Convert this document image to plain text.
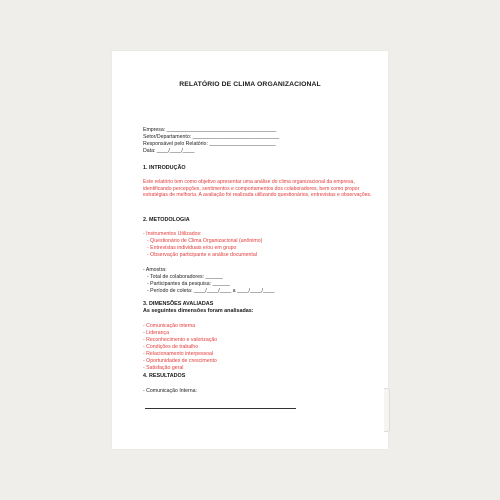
RELATÓRIO DE CLIMA ORGANIZACIONAL
Empresa: ______________________________________
Setor/Departamento: ______________________________
Responsável pelo Relatório: _______________________
Data: ____/____/____
1. INTRODUÇÃO
Este relatório tem como objetivo apresentar uma análise do clima organizacional da empresa, identificando percepções, sentimentos e comportamentos dos colaboradores, bem como propor estratégias de melhoria. A avaliação foi realizada utilizando questionários, entrevistas e observações.
2. METODOLOGIA
- Instrumentos Utilizados:
- Questionário de Clima Organizacional (anônimo)
- Entrevistas individuais e/ou em grupo
- Observação participante e análise documental
- Amostra:
- Total de colaboradores: ______
- Participantes da pesquisa: ______
- Período de coleta: ____/____/____ a ____/____/____
3. DIMENSÕES AVALIADAS
As seguintes dimensões foram analisadas:
- Comunicação interna
- Liderança
- Reconhecimento e valorização
- Condições de trabalho
- Relacionamento interpessoal
- Oportunidades de crescimento
- Satisfação geral
4. RESULTADOS
- Comunicação Interna:
